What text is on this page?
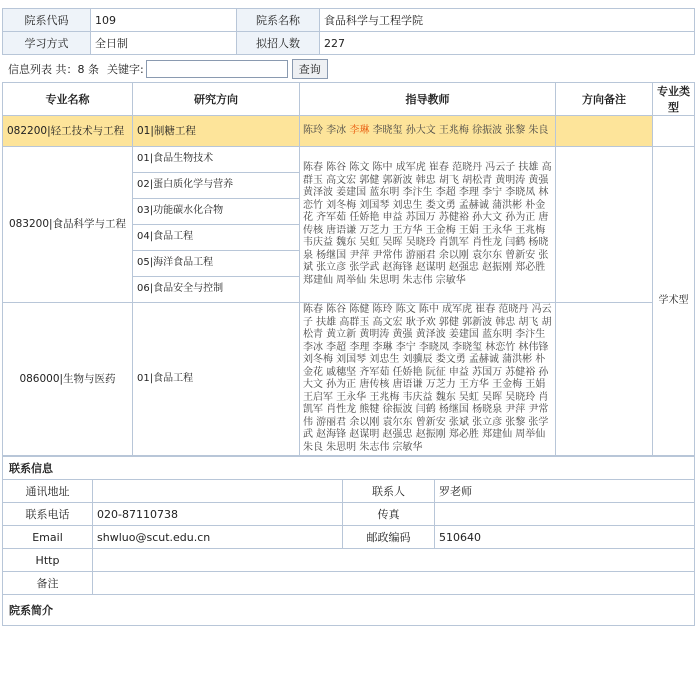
院系代码	109	院系名称	食品科学与工程学院
学习方式	全日制	拟招人数	227
信息列表 共：8 条 关键字:	查询
专业名称	研究方向	指导教师	方向备注	专业类型
082200|轻工技术与工程	01|制糖工程	陈玲 李冰 李琳 李晓玺 孙大文 王兆梅 徐振波 张黎 朱良		
083200|食品科学与工程	01|食品生物技术	陈春 陈谷 陈文 陈中 成军虎 崔春 范晓丹 冯云子 扶雄 高群玉 高文宏 郭健 郭新波 韩忠 胡飞 胡松青 黄明涛 黄强 黄泽波 姜建国 蓝东明 李汴生 李超 李理 李宁 李晓凤 林恋竹 刘冬梅 刘国琴 刘忠生 娄文勇 孟赫诚 蒲洪彬 朴金花 齐军茹 任娇艳 申益 苏国万 苏健裕 孙大文 孙为正 唐传核 唐语谦 万芝力 王方华 王金梅 王娟 王永华 王兆梅 韦庆益 魏东 吴虹 吴晖 吴晓玲 肖凯军 肖性龙 闫鹤 杨晓泉 杨继国 尹萍 尹常伟 游丽君 余以刚 袁尔东 曾新安 张斌 张立彦 张学武 赵海锋 赵谋明 赵强忠 赵振刚 郑必胜 郑建仙 周举仙 朱思明 朱志伟 宗敏华		学术型
	02|蛋白质化学与营养			
	03|功能碳水化合物			
	04|食品工程			
	05|海洋食品工程			
	06|食品安全与控制			
086000|生物与医药	01|食品工程	陈春 陈谷 陈健 陈玲 陈文 陈中 成军虎 崔春 范晓丹 冯云子 扶雄 高群玉 高文宏 耿予欢 郭健 郭新波 韩忠 胡飞 胡松青 黄立新 黄明涛 黄强 黄泽波 姜建国 蓝东明 李汴生 李冰 李超 李理 李琳 李宁 李晓凤 李晓玺 林恋竹 林伟锋 刘冬梅 刘国琴 刘忠生 刘骥辰 娄文勇 孟赫诚 蒲洪彬 朴金花 戚穗坚 齐军茹 任娇艳 阮征 申益 苏国万 苏健裕 孙大文 孙为正 唐传核 唐语谦 万芝力 王方华 王金梅 王娟 王启军 王永华 王兆梅 韦庆益 魏东 吴虹 吴晖 吴晓玲 肖凯军 肖性龙 熊犍 徐振波 闫鹤 杨继国 杨晓泉 尹萍 尹常伟 游丽君 余以刚 袁尔东 曾新安 张斌 张立彦 张黎 张学武 赵海锋 赵谋明 赵强忠 赵振刚 郑必胜 郑建仙 周举仙 朱良 朱思明 朱志伟 宗敏华		
联系信息			
通讯地址		联系人	罗老师
联系电话	020-87110738	传真	
Email	shwluo@scut.edu.cn	邮政编码	510640
Http			
备注			
院系简介			
